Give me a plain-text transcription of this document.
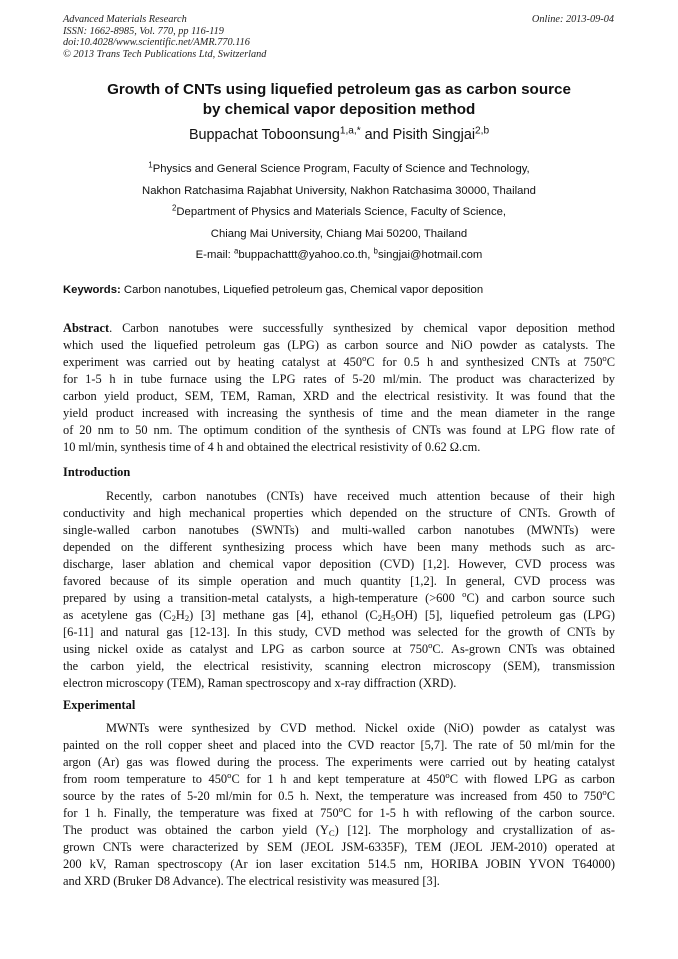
Advanced Materials Research
ISSN: 1662-8985, Vol. 770, pp 116-119
doi:10.4028/www.scientific.net/AMR.770.116
© 2013 Trans Tech Publications Ltd, Switzerland
Online: 2013-09-04
Growth of CNTs using liquefied petroleum gas as carbon source
by chemical vapor deposition method
Buppachat Toboonsung$^{1,a,*}$ and Pisith Singjai$^{2,b}$
$^1$Physics and General Science Program, Faculty of Science and Technology,
Nakhon Ratchasima Rajabhat University, Nakhon Ratchasima 30000, Thailand
$^2$Department of Physics and Materials Science, Faculty of Science,
Chiang Mai University, Chiang Mai 50200, Thailand
E-mail: $^a$buppachattt@yahoo.co.th, $^b$singjai@hotmail.com
Keywords: Carbon nanotubes, Liquefied petroleum gas, Chemical vapor deposition
Abstract. Carbon nanotubes were successfully synthesized by chemical vapor deposition method
which used the liquefied petroleum gas (LPG) as carbon source and NiO powder as catalysts. The
experiment was carried out by heating catalyst at 450$^o$C for 0.5 h and synthesized CNTs at 750$^o$C
for 1-5 h in tube furnace using the LPG rates of 5-20 ml/min. The product was characterized by
carbon yield product, SEM, TEM, Raman, XRD and the electrical resistivity. It was found that the
yield product increased with increasing the synthesis of time and the mean diameter in the range
of 20 nm to 50 nm. The optimum condition of the synthesis of CNTs was found at LPG flow rate of
10 ml/min, synthesis time of 4 h and obtained the electrical resistivity of 0.62 Ω.cm.
Introduction
Recently, carbon nanotubes (CNTs) have received much attention because of their high
conductivity and high mechanical properties which depended on the structure of CNTs. Growth of
single-walled carbon nanotubes (SWNTs) and multi-walled carbon nanotubes (MWNTs) were
depended on the different synthesizing process which have been many methods such as arc-
discharge, laser ablation and chemical vapor deposition (CVD) [1,2]. However, CVD process was
favored because of its simple operation and much quantity [1,2]. In general, CVD process was
prepared by using a transition-metal catalysts, a high-temperature (>600 $^o$C) and carbon source such
as acetylene gas $(C_2H_2)$ [3] methane gas [4], ethanol $(C_2H_5OH)$ [5], liquefied petroleum gas (LPG)
[6-11] and natural gas [12-13]. In this study, CVD method was selected for the growth of CNTs by
using nickel oxide as catalyst and LPG as carbon source at 750$^o$C. As-grown CNTs was obtained
the carbon yield, the electrical resistivity, scanning electron microscopy (SEM), transmission
electron microscopy (TEM), Raman spectroscopy and x-ray diffraction (XRD).
Experimental
MWNTs were synthesized by CVD method. Nickel oxide (NiO) powder as catalyst was
painted on the roll copper sheet and placed into the CVD reactor [5,7]. The rate of 50 ml/min for the
argon (Ar) gas was flowed during the process. The experiments were carried out by heating catalyst
from room temperature to 450$^o$C for 1 h and kept temperature at 450$^o$C with flowed LPG as carbon
source by the rates of 5-20 ml/min for 0.5 h. Next, the temperature was increased from 450 to 750$^o$C
for 1 h. Finally, the temperature was fixed at 750$^o$C for 1-5 h with reflowing of the carbon source.
The product was obtained the carbon yield $(Y_C)$ [12]. The morphology and crystallization of as-
grown CNTs were characterized by SEM (JEOL JSM-6335F), TEM (JEOL JEM-2010) operated at
200 kV, Raman spectroscopy (Ar ion laser excitation 514.5 nm, HORIBA JOBIN YVON T64000)
and XRD (Bruker D8 Advance). The electrical resistivity was measured [3].
